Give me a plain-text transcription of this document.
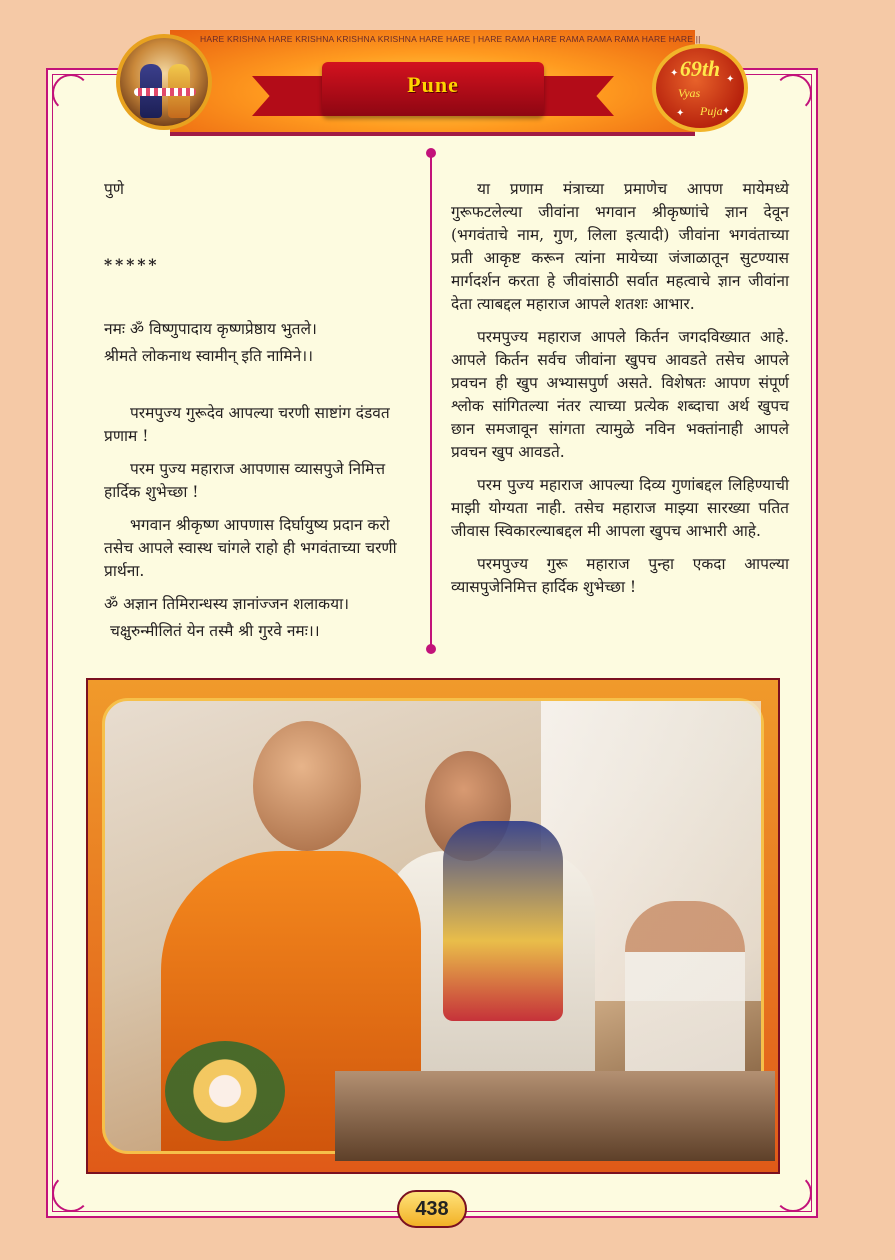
HARE KRISHNA HARE KRISHNA KRISHNA KRISHNA HARE HARE | HARE RAMA HARE RAMA RAMA RAMA HARE HARE ||
Pune
69th
Vyas
Puja
✦
✦
✦
✦

पुणे

*****

नमः ॐ विष्णुपादाय कृष्णप्रेष्ठाय भुतले।

श्रीमते लोकनाथ स्वामीन् इति नामिने।।

परमपुज्य गुरूदेव आपल्या चरणी साष्टांग दंडवत प्रणाम !

परम पुज्य महाराज आपणास व्यासपुजे निमित्त हार्दिक शुभेच्छा !

भगवान श्रीकृष्ण आपणास दिर्घायुष्य प्रदान करो तसेच आपले स्वास्थ चांगले राहो ही भगवंताच्या चरणी प्रार्थना.

ॐ अज्ञान तिमिरान्धस्य ज्ञानांज्जन शलाकया।

चक्षुरुन्मीलितं येन तस्मै श्री गुरवे नमः।।

या प्रणाम मंत्राच्या प्रमाणेच आपण मायेमध्ये गुरूफटलेल्या जीवांना भगवान श्रीकृष्णांचे ज्ञान देवून (भगवंताचे नाम, गुण, लिला इत्यादी) जीवांना भगवंताच्या प्रती आकृष्ट करून त्यांना मायेच्या जंजाळातून सुटण्यास मार्गदर्शन करता हे जीवांसाठी सर्वात महत्वाचे ज्ञान जीवांना देता त्याबद्दल महाराज आपले शतशः आभार.

परमपुज्य महाराज आपले किर्तन जगदविख्यात आहे. आपले किर्तन सर्वच जीवांना खुपच आवडते तसेच आपले प्रवचन ही खुप अभ्यासपुर्ण असते. विशेषतः आपण संपूर्ण श्लोक सांगितल्या नंतर त्याच्या प्रत्येक शब्दाचा अर्थ खुपच छान समजावून सांगता त्यामुळे नविन भक्तांनाही आपले प्रवचन खुप आवडते.

परम पुज्य महाराज आपल्या दिव्य गुणांबद्दल लिहिण्याची माझी योग्यता नाही. तसेच महाराज माझ्या सारख्या पतित जीवास स्विकारल्याबद्दल मी आपला खुपच आभारी आहे.

परमपुज्य गुरू महाराज पुन्हा एकदा आपल्या व्यासपुजेनिमित्त हार्दिक शुभेच्छा !

438
